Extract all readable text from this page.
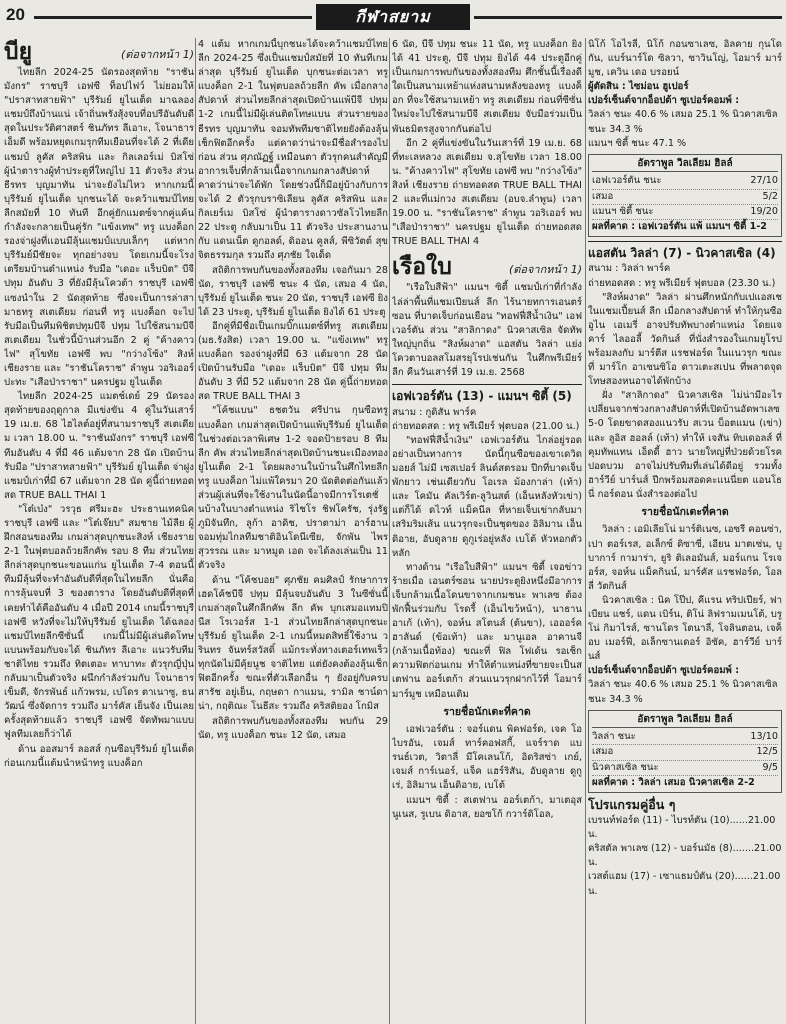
20	กีฬาสยาม
บียู	(ต่อจากหน้า 1)

ไทยลีก 2024-25 นัดรองสุดท้าย "ราชันมังกร" ราชบุรี เอฟซี ท็อปไฟว์ ไม่ยอมให้ "ปราสาทสายฟ้า" บุรีรัมย์ ยูไนเต็ด มาฉลองแชมป์ถึงบ้านแน่ เจ้าถิ่นพรังสุ้งจบที่อปรีอันดับดีสุดในประวัติศาสตร์ ชินภัทร ลีเอาะ, โจนาธาร เอ็มดี พร้อมหยุดเกมรุกทีมเยือนที่จะได้ 2 ที่เดียแชมป์ ลูคัส คริสพิน และ กิลเลอร์เม่ บิสโซ่ ผู้นำตารางผู้ทำประตูที่ใหญ่ไป 11 ตัวจริง ส่วน ธีรทร บุญมาทัน น่าจะยังไม่ไหว หากเกมนี้ บุรีรัมย์ ยูไนเต็ด บุกชนะได้ จะคว้าแชมป์ไทยลีกสมัยที่ 10 ทันที อีกคู่ยักแมตซ์จากคู่แค้นกำลังจะกลายเป็นคู่รัก "แข้งเทพ" ทรู แบงค็อก รองจ่าฝูงที่เเอนมีลุ้นแชมป์แบบเล็กๆ แต่หากบุรีรัมย์มีชัยจะ ทุกอย่างจบ โดยเกมนี้จะโรงเตรียมบ้านตำแหน่ง รับมือ "เดอะ แร็บบิต" บีจี ปทุม อันดับ 3 ที่ยังมีลุ้นโควต้า ราชบุรี เอฟซี แซงนำใน 2 นัดสุดท้าย ซึ่งจะเป็นการล่าสามาธทรู สเตเดียม ก่อนที่ ทรู แบงค็อก จะไปรับมือเป็นทีมพิชิตปทุมบีจี ปทุม ไปใช้สนามบีจี สเตเดียม ในชั่วนี้บ้านส่วนอีก 2 คู่ "ค้างคาวไฟ" สุโขทัย เอฟซี พบ "กว่างโซ้ง" สิงห์ เชียงราย และ "ราชันโคราช" ลำพูน วอริเออร์ ปะทะ "เสือป่าราชา" นครปฐม ยูไนเต็ด

ไทยลีก 2024-25 แมตช์เดย์ 29 นัดรองสุดท้ายของฤดูกาล มีแข่งขัน 4 คู่ในวันเสาร์ 19 เม.ย. 68 ไฮไลต์อยู่ที่สนามราชบุรี สเตเดียม เวลา 18.00 น. "ราชันมังกร" ราชบุรี เอฟซี ทีมอันดับ 4 ที่มี 46 แต้มจาก 28 นัด เปิดบ้านรับมือ "ปราสาทสายฟ้า" บุรีรัมย์ ยูไนเต็ด จ่าฝูง แชมป์เก่าที่มี 67 แต้มจาก 28 นัด คู่นี้ถ่ายทอดสด TRUE BALL THAI 1

"โต๋เบ๋ง" วรวุธ ศรีมะฮะ ประธานเทคนิคราชบุรี เอฟซี และ "โต๋เจ๊ยบ" สมชาย ไม้ลีย ผู้ฝึกสอนของทีม เกมล่าสุดบุกชนะสิงห์ เชียงราย 2-1 ในฟุตบอลถ้วยลีกคัพ รอบ 8 ทีม ส่วนไทยลีกล่าสุดบุกชนะขอนแก่น ยูไนเต็ด 7-4 ตอนนี้ทีมมีลุ้นที่จะทำอันดับดีที่สุดในไทยลีก นั่นคือการลุ้นจบที่ 3 ของตาราง โดยอันดับดีที่สุดที่เคยทำได้คืออันดับ 4 เมื่อปี 2014 เกมนี้ราชบุรี เอฟซี หวังที่จะไม่ให้บุรีรัมย์ ยูไนเต็ด ได้ฉลองแชมป์ไทยลีกซีซั่นนี้ เกมนี้ไม่มีผู้เล่นติดโทษแบนพร้อมกับจะได้ ชินภัทร ลีเอาะ แนวรับทีมชาติไทย รวมถึง ทิตเตอะ ทาบาทะ ตัวรุกญี่ปุ่นกลับมาเป็นตัวจริง ผนึกกำลังร่วมกับ โจนาธาร เข็มดี, จักรพันธ์ แก้วพรม, เปโดร ตาเนาซู, ธนวัฒน์ ซึ่งจัดการ รวมถึง มาร์คัส เย็นจัง เป็นเลยครั้งสุดท้ายแล้ว ราชบุรี เอฟซี จัดทัพมาแบบฟูลทีมเลยก็ว่าได้

ด้าน ออสมาร์ ลอสส์ กุนซือบุรีรัมย์ ยูไนเต็ด ก่อนเกมนี้แต้มนำหน้าทรู แบงค็อก

4 แต้ม หากเกมนี้บุกชนะได้จะคว้าแชมป์ไทยลีก 2024-25 ซึ่งเป็นแชมป์สมัยที่ 10 ทันทีเกมล่าสุด บุรีรัมย์ ยูไนเต็ด บุกชนะต่อเวลา ทรู แบงค็อก 2-1 ในฟุตบอลถ้วยลีก คัพ เมื่อกลางสัปดาห์ ส่วนไทยลีกล่าสุดเปิดบ้านแพ้บีจี ปทุม 1-2 เกมนี้ไม่มีผู้เล่นติดโทษแบน ส่วนรายของ ธีรทร บุญมาทัน จอมทัพทีมชาติไทยยังต้องลุ้นเช็กฟิตอีกครั้ง แต่คาดว่าน่าจะมีชื่อสำรองไปก่อน ส่วน ศุภณัฏฐ์ เหมือนตา ตัวรุกคนสำคัญมีอาการเจ็บที่กล้ามเนื้อจากเกมกลางสัปดาห์ คาดว่าน่าจะได้พัก โดยช่วงนี้ก็มีอยู่บ้างกับการจะได้ 2 ตัวรุกบราซิเลียน ลูคัส คริสพิน และ กิลเยร์เม บิสโซ่ ผู้นำตารางดาวซัลโวไทยลีก 22 ประตู กลับมาเป็น 11 ตัวจริง ประสานงานกับ แดนเน็ต ดูกอลด์, ดิออน คูลส์, พีซิวัตต์ สุขจิตธรรมกุล รวมถึง ศุภชัย ใจเด็ด

สถิติการพบกันของทั้งสองทีม เจอกันมา 28 นัด, ราชบุรี เอฟซี ชนะ 4 นัด, เสมอ 4 นัด, บุรีรัมย์ ยูไนเต็ด ชนะ 20 นัด, ราชบุรี เอฟซี ยิงได้ 23 ประตู, บุรีรัมย์ ยูไนเต็ด ยิงได้ 61 ประตู

อีกคู่ที่มีชื่อเป็นเกมบิ๊กแมตซ์ที่ทรู สเตเดียม (มธ.รังสิต) เวลา 19.00 น. "แข้งเทพ" ทรู แบงค็อก รองจ่าฝูงที่มี 63 แต้มจาก 28 นัด เปิดบ้านรับมือ "เดอะ แร็บบิต" บีจี ปทุม ทีมอันดับ 3 ที่มี 52 แต้มจาก 28 นัด คู่นี้ถ่ายทอดสด TRUE BALL THAI 3

"โค้ชแบน" ธชตวัน ศรีปาน กุนซือทรู แบงค็อก เกมล่าสุดเปิดบ้านแพ้บุรีรัมย์ ยูไนเต็ด ในช่วงต่อเวลาพิเศษ 1-2 จอดป้ายรอบ 8 ทีม ลีก คัพ ส่วนไทยลีกล่าสุดเปิดบ้านชนะเมืองทอง ยูไนเต็ด 2-1 โดยผลงานในบ้านในศึกไทยลีก ทรู แบงค็อก ไม่แพ้ใครมา 20 นัดติดต่อกันแล้ว ส่วนผู้เล่นที่จะใช้งานในนัดนี้อาจมีการโรเตชั่นบ้างในบางตำแหน่ง ริไชโร ชิฟโครัช, รุ่งรัฐ ภูมิจันทึก, ลูก้า อาดิช, ปราตาม่า อาร์ฮาน จอมทุ่มไกลทีมชาติอินโดนีเซีย, จักพัน ไพรสุวรรณ และ มาหมูด เอด จะได้ลงเล่นเป็น 11 ตัวจริง

ด้าน "โค้ชบอย" ศุภชัย คมศิลป์ รักษาการเฮดโค้ชบีจี ปทุม มีลุ้นจบอันดับ 3 ในซีซั่นนี้ เกมล่าสุดในศึกลีกคัพ ลีก คัพ บุกเสมอแทมปินีส โรเวอร์ส 1-1 ส่วนไทยลีกล่าสุดบุกชนะบุรีรัมย์ ยูไนเต็ด 2-1 เกมนี้หมดสิทธิ์ใช้งาน วรินทร จันทร์สวัสดิ์ แม้กระทั่งทางเตอร์เทพเร็วทุกนัดไม่มีคุ้ยนูช จาติไทย แต่ยังคงต้องลุ้นเช็กฟิตอีกครั้ง ขณะที่ตัวเลือกอื่น ๆ ยังอยู่กับครบ สารัช อยู่เย็น, กฤษดา กาแมน, รามิล ชาน์ดาน่า, กฤติณะ โนธีสะ รวมถึง คริสติยอง โกมิส

สถิติการพบกันของทั้งสองทีม พบกัน 29 นัด, ทรู แบงค็อก ชนะ 12 นัด, เสมอ

6 นัด, บีจี ปทุม ชนะ 11 นัด, ทรู แบงค็อก ยิงได้ 41 ประตู, บีจี ปทุม ยิงได้ 44 ประตูอีกคู่เป็นเกมการพบกันของทั้งสองทีม ศึกชั้นนี้เรื่องดีใดเป็นสนามเหย้าแห่งสนามหลังของทรู แบงค็อก ที่จะใช้สนามเหย้า ทรู สเตเดียม ก่อนที่ซีซั่นใหม่จะไปใช้สนามบีจี สเตเดียม จับมือร่วมเป็นพันธมิตรสูงจากกันต่อไป

อีก 2 คู่ที่แข่งขันในวันเสาร์ที่ 19 เม.ย. 68 ที่ทะเลหลวง สเตเดียม จ.สุโขทัย เวลา 18.00 น. "ค้างคาวไฟ" สุโขทัย เอฟซี พบ "กว่างโซ้ง" สิงห์ เชียงราย ถ่ายทอดสด TRUE BALL THAI 2 และที่แม่กวง สเตเดียม (อบจ.ลำพูน) เวลา 19.00 น. "ราชันโคราช" ลำพูน วอริเออร์ พบ "เสือป่าราชา" นครปฐม ยูไนเต็ด ถ่ายทอดสด TRUE BALL THAI 4

เรือใบ	(ต่อจากหน้า 1)

"เรือใบสีฟ้า" แมนฯ ซิตี้ แชมป์เก่าที่กำลังไล่ล่าพื้นที่แชมเปียนส์ ลีก ไร้นายทการเอนตร์ซอน ที่บาดเจ็บก่อนเยือน "ทอฟฟี่สีน้ำเงิน" เอฟเวอร์ตัน ส่วน "สาลิกาดง" นิวคาสเซิล จัดทัพใหญ่บุกถิ่น "สิงห์ผงาด" แอสตัน วิลล่า แย่งโควตาบอลสโมสรยุโรปเช่นกัน ในศึกพรีเมียร์ลีก คืนวันเสาร์ที่ 19 เม.ย. 2568

เอฟเวอร์ตัน (13) - แมนฯ ซิตี้ (5)
สนาม : กูดิสัน พาร์ค
ถ่ายทอดสด : ทรู พรีเมียร์ ฟุตบอล (21.00 น.)

"ทอฟฟี่สีน้ำเงิน" เอฟเวอร์ตัน ไกล่อยู่รอดอย่างเป็นทางการ นัดนี้กุนซือของเขาเดวิด มอยส์ ไม่มี เซสเปอร์ ลินด์สตรอม ปีกที่บาดเจ็บพักยาว เช่นเดียวกับ โอเรล ม้องกาล่า (เท้า) และ โคมัน คัลเวิร์ต-ลูวินสต์ (เอ็นหลังหัวเข่า) แต่ก็ได้ ดไวท์ แม็คนีล ที่หายเจ็บเข่ากลับมาเสริมริมเส้น แนวรุกจะเป็นชุดของ อิลิมาน เอ็นดิอาย, อับดูลาย ดูกูเร่อยู่หลัง เบโต้ หัวหอกตัวหลัก

ทางด้าน "เรือใบสีฟ้า" แมนฯ ซิตี้ เจอข่าวร้ายเมื่อ เอนตร์ซอน นายประตูยิงหนึ่งมีอาการเจ็บกล้ามเนื้อโดนขาจากเกมชนะ พาเลซ ต้องพักฟื้นร่วมกับ โรดรี้ (เอ็นไขว้หน้า), นาธาน อาเก้ (เท้า), จอห์น สโตนส์ (ต้นขา), เอออร์ค ฮาลันด์ (ข้อเท้า) และ มานูเอล อาคานจี (กล้ามเนื้อท้อง) ขณะที่ ฟิล โฟเด้น รอเช็กความฟิตก่อนเกม ทำให้ตำแหน่งที่ขายจะเป็นสเตฟาน ออร์เตก้า ส่วนแนวรุกฝากไว้ที่ โอมาร์ มาร์มูช เหมือนเดิม

รายชื่อนักเตะที่คาด

เอฟเวอร์ตัน : จอร์แดน พิคฟอร์ด, เจค โอไบรอัน, เจมส์ ทาร์คอฟสกี้, แจร์ราด แบรนธ์เวต, วิตาลี่ มีโคเลนโก้, อิดริสซ่า เกย์, เจมส์ การ์เนอร์, แจ็ค แฮร์ริสัน, อับดูลาย ดูกูเร่, อิลิมาน เอ็นดิอาย, เบโต้

แมนฯ ซิตี้ : สเตฟาน ออร์เตก้า, มาเตอุส นูเนส, รูเบน ดิอาส, ยอซโก้ กวาร์ดิโอล,

นิโก้ โอไรลี่, นิโก้ กอนซาเลซ, อิลคาย กุนโดกัน, แบร์นาร์โด ซิลวา, ซาวินโญ่, โอมาร์ มาร์มูช, เควิน เดอ บรอยน์

ผู้ตัดสิน : ไซม่อน ฮูเปอร์
เปอร์เซ็นต์จากอ็อปต้า ซูเปอร์คอมพ์ :
วิลล่า ชนะ 40.6 % เสมอ 25.1 % นิวคาสเซิล ชนะ 34.3 %
แมนฯ ซิตี้ ชนะ 47.1 %
อัตราพูล วิลเลียม ฮิลล์
เอฟเวอร์ตัน ชนะ	27/10
เสมอ	5/2
แมนฯ ซิตี้ ชนะ	19/20
ผลที่คาด : เอฟเวอร์ตัน แพ้ แมนฯ ซิตี้ 1-2
แอสตัน วิลล่า (7) - นิวคาสเซิล (4)
สนาม : วิลล่า พาร์ค
ถ่ายทอดสด : ทรู พรีเมียร์ ฟุตบอล (23.30 น.)

"สิงห์ผงาด" วิลล่า ผ่านศึกหนักกับเปแอสเช ในแชมเปี้ยนส์ ลีก เมื่อกลางสัปดาห์ ทำให้กุนซือ อูไน เอเมรี่ อาจปรับทัพบางตำแหน่ง โดยแจคาร์ ไลออลี้ วัดกินส์ ที่นั่งสำรองในเกมยูโรป พร้อมลงกับ มาร์ตีส แรชฟอร์ด ในแนวรุก ขณะที่ มาร์โก อาเซนซิโอ ดาวเตะสเปน ที่พลาดจุดโทษสองหนอาจได้พักบ้าง

ฝั่ง "สาลิกาดง" นิวคาสเซิล ไม่น่ามีอะไรเปลี่ยนจากช่วงกลางสัปดาห์ที่เปิดบ้านอัดพาเลซ 5-0 โดยขาดสองแนวรับ สเวน บ็อตแมน (เข่า) และ ลูอิส ฮอลล์ (เท้า) ทำให้ เจสัน ทิบเดอลส์ ที่คุมทัพแทน เอ็ดดี้ ฮาว นายใหญ่ที่ป่วยด้วยโรคปอดบวม อาจไม่ปรับทีมที่เล่นได้ดีอยู่ รวมทั้ง ฮาร์วีย์ บาร์นส์ ปีกพร้อมสอดคะแนนี่ยต แอนโธนี่ กอร์ดอน นั่งสำรองต่อไป

รายชื่อนักเตะที่คาด

วิลล่า : เอมิเลียโน่ มาร์ติเนซ, เอซรี คอนซ่า, เปา ตอร์เรส, อเล็กซ์ ดิซาซี่, เอียน มาตเซ่น, บูบาการ์ กามาร่า, ยูริ ติเลอมันส์, มอร์แกน โรเจอร์ส, จอห์น แม็คกินน์, มาร์คัส แรชฟอร์ด, โอลลี่ วัตกินส์

นิวคาสเซิล : นิค โป๊ป, คีแรน ทริปเปียร์, ฟาเบียน แชร์, แดน เบิร์น, ติโน่ ลิฟรามเมนโต้, บรูโน่ กิมาไรส์, ซานโดร โตนาลี่, โจลินตอน, เจค็อบ เมอร์ฟี่, อเล็กซานเดอร์ อิซัค, ฮาร์วีย์ บาร์นส์

เปอร์เซ็นต์จากอ็อปต้า ซูเปอร์คอมพ์ :
วิลล่า ชนะ 40.6 % เสมอ 25.1 % นิวคาสเซิล ชนะ 34.3 %
อัตราพูล วิลเลียม ฮิลล์
วิลล่า ชนะ	13/10
เสมอ	12/5
นิวคาสเซิล ชนะ	9/5
ผลที่คาด : วิลล่า เสมอ นิวคาสเซิล 2-2
โปรแกรมคู่อื่น ๆ
เบรนท์ฟอร์ด (11) - ไบรท์ตัน (10)......21.00 น.
คริสตัล พาเลซ (12) - บอร์นมัธ (8).......21.00 น.
เวสต์แฮม (17) - เซาแธมป์ตัน (20)......21.00 น.
